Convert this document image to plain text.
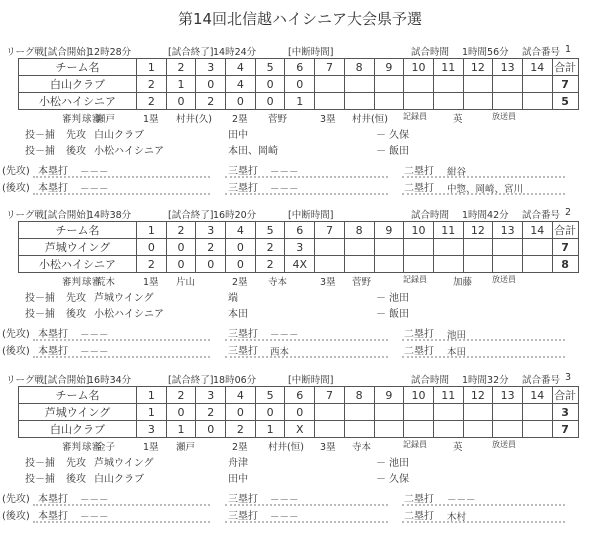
第14回北信越ハイシニア大会県予選
リーグ戦 [試合開始]
12時28分	[試合終了] 14時24分	[中断時間]	試合時間 1時間56分 試合番号 1
チーム名	1	2	3	4	5	6	7	8	9	10	11	12	13	14	合計
白山クラブ	2	1	0	4	0	0									7
小松ハイシニア	2	0	2	0	0	1									5
審判 球審
瀬戸	1塁 村井(久) 2塁 菅野	3塁 村井(恒) 記録員	英	放送員
投－捕 先攻 白山クラブ	田中	－ 久保
投－捕 後攻 小松ハイシニア	本田、岡崎	－ 飯田
(先攻) 本塁打 －－－	三塁打 －－－	二塁打 紺谷
(後攻) 本塁打 －－－	三塁打 －－－	二塁打 中惣、岡崎、宮川
リーグ戦 [試合開始]
14時38分	[試合終了] 16時20分	[中断時間]	試合時間 1時間42分 試合番号 2
チーム名	1	2	3	4	5	6	7	8	9	10	11	12	13	14	合計
芦城ウイング	0	0	2	0	2	3									7
小松ハイシニア	2	0	0	0	2	4X									8
審判 球審
荒木	1塁 片山	2塁 寺本	3塁 菅野	記録員	加藤 放送員
投－捕 先攻 芦城ウイング	端	－ 池田
投－捕 後攻 小松ハイシニア	本田	－ 飯田
(先攻) 本塁打 －－－	三塁打 －－－	二塁打 池田
(後攻) 本塁打 －－－	三塁打 西本	二塁打 本田
リーグ戦 [試合開始]
16時34分	[試合終了] 18時06分	[中断時間]	試合時間 1時間32分 試合番号 3
チーム名	1	2	3	4	5	6	7	8	9	10	11	12	13	14	合計
芦城ウイング	1	0	2	0	0	0									3
白山クラブ	3	1	0	2	1	X									7
審判 球審
金子	1塁 瀬戸	2塁 村井(恒) 3塁 寺本	記録員	英	放送員
投－捕 先攻 芦城ウイング	舟津	－ 池田
投－捕 後攻 白山クラブ	田中	－ 久保
(先攻) 本塁打 －－－	三塁打 －－－	二塁打 －－－
(後攻) 本塁打 －－－	三塁打 －－－	二塁打 木村
